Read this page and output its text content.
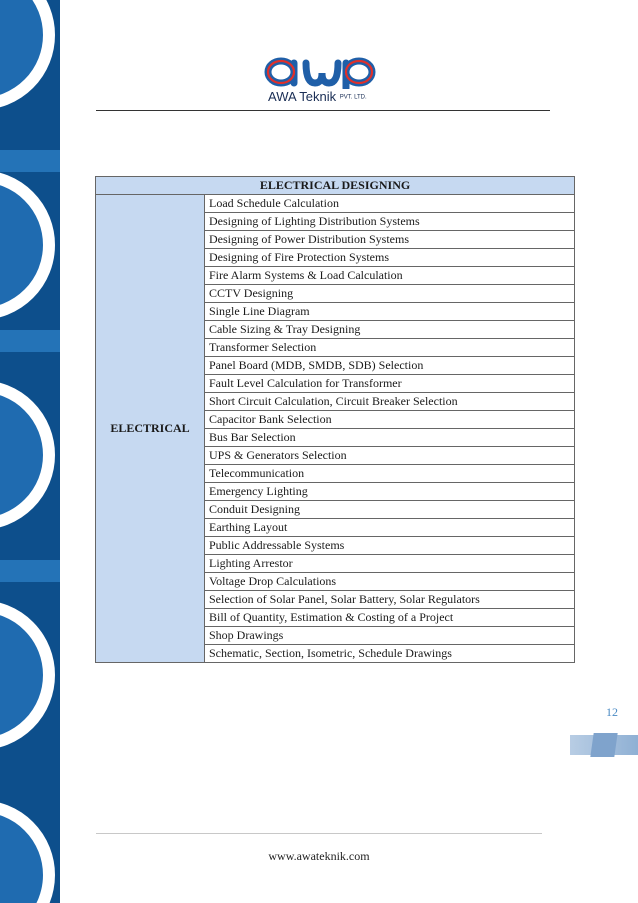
AWA Teknik PVT. LTD.
ELECTRICAL DESIGNING
ELECTRICAL	Load Schedule Calculation
Designing of Lighting Distribution Systems
Designing of Power Distribution Systems
Designing of Fire Protection Systems
Fire Alarm Systems & Load Calculation
CCTV Designing
Single Line Diagram
Cable Sizing & Tray Designing
Transformer Selection
Panel Board (MDB, SMDB, SDB) Selection
Fault Level Calculation for Transformer
Short Circuit Calculation, Circuit Breaker Selection
Capacitor Bank Selection
Bus Bar Selection
UPS & Generators Selection
Telecommunication
Emergency Lighting
Conduit Designing
Earthing Layout
Public Addressable Systems
Lighting Arrestor
Voltage Drop Calculations
Selection of Solar Panel, Solar Battery, Solar Regulators
Bill of Quantity, Estimation & Costing of a Project
Shop Drawings
Schematic, Section, Isometric, Schedule Drawings
12
www.awateknik.com
